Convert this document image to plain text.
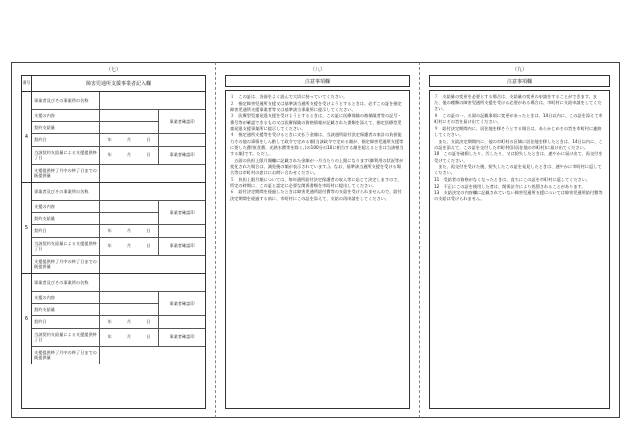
（七）
番号	障害児通所支援事業者記入欄
4
事業者及びその事業所の名称
支援の内容
契約支給量
事業者確認印
契約日	年	月	日
当該契約支給量による支援提供終了日
年	月	日	事業者確認印
支援提供終了月中の終了日までの既提供量
5
事業者及びその事業所の名称
支援の内容
契約支給量
事業者確認印
契約日	年	月	日
当該契約支給量による支援提供終了日
年	月	日	事業者確認印
支援提供終了月中の終了日までの既提供量
6
事業者及びその事業所の名称
支援の内容
契約支給量
事業者確認印
契約日	年	月	日
当該契約支給量による支援提供終了日
年	月	日	事業者確認印
支援提供終了月中の終了日までの既提供量
（八）
注意事項欄
１　この証は、各面をよく読んで大切に持っていてください。
２　指定障害児通所支援又は基準該当通所支援を受けようとするときは、必ずこの証を指定障害児通所支援事業者等又は基準該当事業所に提示してください。
３　医療型児童発達支援を受けようとするときは、この証に医療保険の被保険者等の記号・番号等が確認できるもの又は医療保険の資格情報が記載された書類を添えて、指定医療型児童発達支援事業所に提示してください。
４　指定通所支援等を受けるときに支払う金額は、当該通所給付決定保護者の家計の負担能力その他の事情をしん酌して政令で定める額(当該政令で定める額が、指定障害児通所支援等に要した費用(食費、光熱水費等を除く。)の100分の10に相当する額を超えるときは当該相当する額)です。ただし、
　五面の負担上限月額欄に記載された金額が一月当たりの上限になります(御利用の状況等が変化された場合は、減免後の額が表示されています。)。なお、基準該当通所支援を受ける場合等は市町村の窓口にお問い合わせください。
５　負担上限月額については、毎年通所給付決定保護者の収入等に応じて決定しますので、所定の時期に、この証と認定に必要な関係書類を市町村に提出してください。
６　給付決定期間を経過したときは障害児通所給付費等の支給を受けられませんので、給付決定期間を経過する前に、市町村にこの証を添えて、支給の再申請をしてください。
（九）
注意事項欄
７　支給量の変更を必要とする場合は、支給量の変更の申請をすることができます。また、他の種類の障害児通所支援を受ける必要がある場合は、市町村に支給申請をしてください。
８　この証の一、五面の記載事項に変更があったときは、14日以内に、この証を添えて市町村にその旨を届け出てください。
９　給付決定期間内に、居住地を移そうとする場合は、あらかじめその旨を市町村に連絡してください。
　また、支給決定期間内に、他の市町村の区域に居住地を移したときは、14日以内に、この証を添えて、この証を交付した市町村(旧居住地の市町村)に届け出てください。
10　この証を破損したり、汚したり、又は紛失したときは、速やかに届け出て、再交付を受けてください。
　また、再交付を受けた後、紛失したこの証を発見したときは、速やかに市町村に返してください。
11　受給者の資格がなくなったときは、直ちにこの証を市町村に返してください。
12　不正にこの証を使用した者は、関係法令により処罰されることがあります。
13　支給決定の内容欄に記載されていない障害児通所支援については障害児通所給付費等の支給は受けられません。
